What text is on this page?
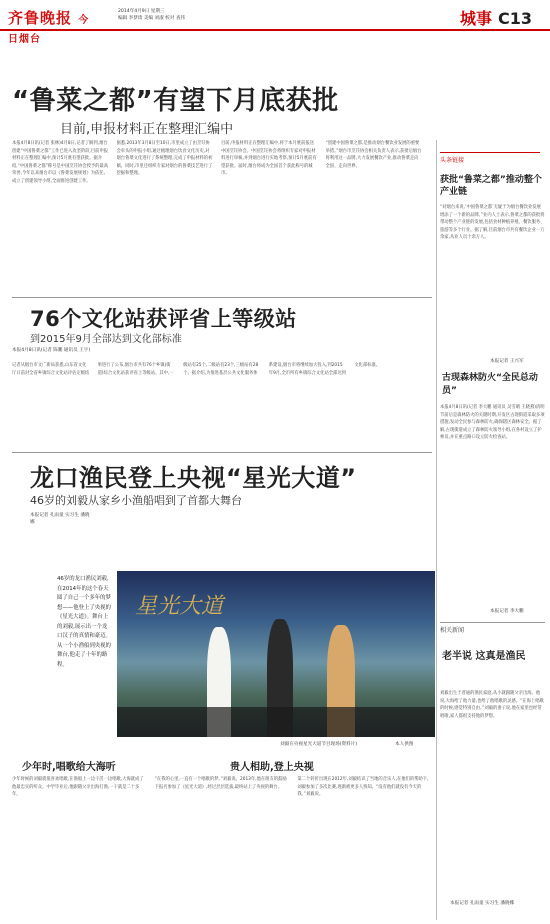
齐鲁晚报 今日烟台
2014年4月9日 星期三
编辑 李梦琦 美编 刘淑 校对 查伟	城事 C13
“鲁菜之都”有望下月底获批
目前,申报材料正在整理汇编中
本报4月8日讯(记者 张林)4月8日,记者了解到,烟台创建“中国鲁菜之都”工作已进入攻坚阶段,目前申报材料正在整理汇编中,预计5月底有望获批。据介绍,“中国鲁菜之都”称号是中国烹饪协会授予的最高荣誉,今年以来烟台市以《鲁菜发展规划》为依托,成立了创建领导小组,全面推进创建工作。
据悉,2013年3月8日至10日,市里成立了由烹饪协会牵头的申报小组,通过梳理烟台饮食文化历史,对烟台鲁菜文化进行了系统整理,完成了申报材料的初稿。同时,市里还组织专家对烟台的鲁菜技艺进行了挖掘和整理。
目前,申报材料正在整理汇编中,将于本月底前报送中国烹饪协会。中国烹饪协会将组织专家对申报材料进行审核,并到烟台进行实地考察,预计5月底前有望获批。届时,烟台将成为全国首个获此称号的城市。
“创建中国鲁菜之都,是推动烟台餐饮业发展的重要举措。”烟台市烹饪协会相关负责人表示,获批后烟台将利用这一品牌,大力发展餐饮产业,推动鲁菜走向全国、走向世界。
头条链接
获批“鲁菜之都”推动整个产业链
“对烟台来说,‘中国鲁菜之都’无疑于为烟台餐饮业发展增添了一个新的品牌。”业内人士表示,鲁菜之都的获批将带动整个产业链的发展,包括食材种植养殖、餐饮服务、旅游等多个行业。据了解,目前烟台市共有餐饮企业一万余家,从业人员十余万人。
本报记者 王兴军
76个文化站获评省上等级站
到2015年9月全部达到文化部标准
本报4月8日讯(记者 陈鹏 通讯员 王宇)
记者从烟台市文广新局获悉,山东省文化厅日前对全省乡镇综合文化站评估定级结果进行了公布,烟台市共有76个乡镇(街道)综合文化站获评省上等级站。其中,一级站有25个,二级站有23个,三级站有28个。据介绍,为推进基层公共文化服务体系建设,烟台市将继续加大投入,到2015年9月,全市所有乡镇综合文化站全部达到文化部标准。
古现森林防火“全民总动员”
本报4月8日讯(记者 李大鹏 通讯员 吴雪晴 王晓燕)清明节前后是森林防火的关键时期,开发区古现街道采取多项措施,发动全民参与森林防火,确保辖区森林安全。据了解,古现街道成立了森林防火领导小组,在各村设立了护林员,并在重点路口设立防火检查站。
本报记者 李大鹏
龙口渔民登上央视“星光大道”
46岁的刘毅从家乡小渔船唱到了首都大舞台
本报记者 孔雨童 实习生 潘晓娜
46岁的龙口渔民刘毅,在2014年的这个春天圆了自己一个多年的梦想——他登上了央视的《星光大道》。舞台上的刘毅,展示出一个龙口汉子的真情和豪迈。从一个小渔船到央视的舞台,他走了十年的路程。
星光大道
刘毅在央视星光大道节目现场(资料片)	本人供图
少年时,唱歌给大海听	贵人相助,登上央视
少年时候的刘毅就很喜欢唱歌,在渔船上一边干活一边唱歌,大海就成了他最忠实的听众。中学毕业后,他跟随父亲出海打渔,一干就是二十多年。
“在我的心里,一直有一个唱歌的梦。”刘毅说。2013年,他在朋友的鼓励下报名参加了《星光大道》,经过层层选拔,最终站上了央视的舞台。
第二个转折出现在2012年,刘毅结识了当地的音乐人,在他们的帮助下,刘毅参加了多次比赛,逐渐被更多人熟知。“没有他们就没有今天的我。”刘毅说。
相关新闻
老半说 这真是渔民
刘毅出生于普通的渔民家庭,从小就跟随父亲出海。他说,大海给了他力量,也给了他唱歌的灵感。“在海上唱歌的时候,感觉特别自由。”刘毅的妻子说,他在家里也经常唱歌,家人都很支持他的梦想。
本报记者 孔雨童 实习生 潘晓娜
